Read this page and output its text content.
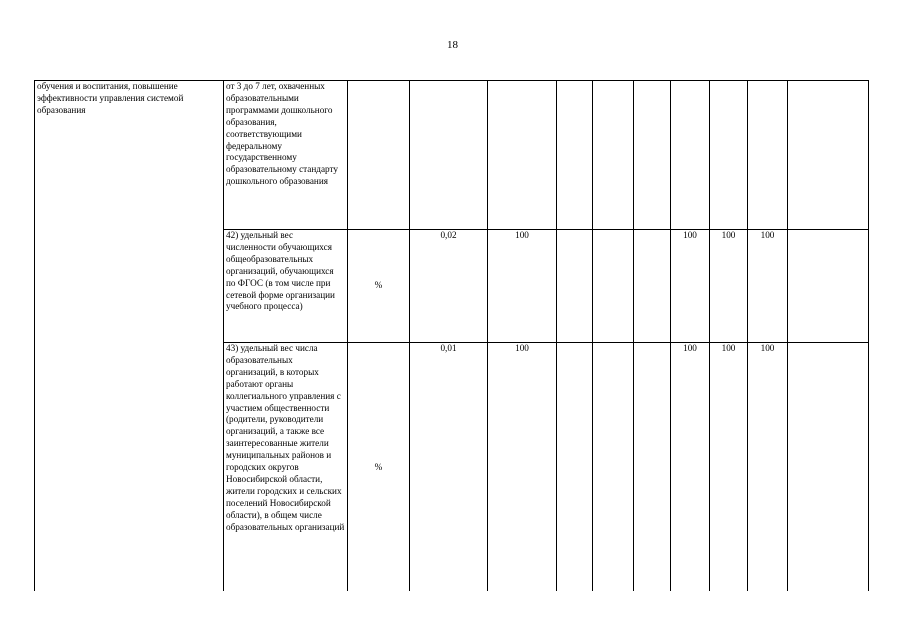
18
обучения и воспитания, повышение эффективности управления системой образования	от 3 до 7 лет, охваченных образовательными программами дошкольного образования, соответствующими федеральному государственному образовательному стандарту дошкольного образования										
	42) удельный вес численности обучающихся общеобразовательных организаций, обучающихся по ФГОС (в том числе при сетевой форме организации учебного процесса)	%	0,02	100				100	100	100	
	43) удельный вес числа образовательных организаций, в которых работают органы коллегиального управления с участием общественности (родители, руководители организаций, а также все заинтересованные жители муниципальных районов и городских округов Новосибирской области, жители городских и сельских поселений Новосибирской области), в общем числе образовательных организаций	%	0,01	100				100	100	100	
